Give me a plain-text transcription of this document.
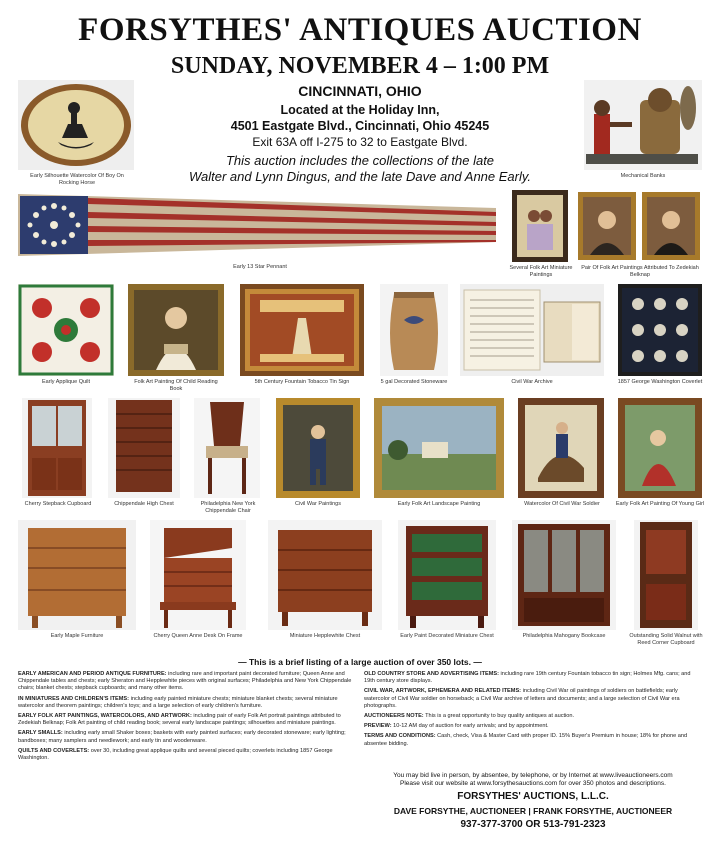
FORSYTHES' ANTIQUES AUCTION
SUNDAY, NOVEMBER 4 – 1:00 PM
CINCINNATI, OHIO
Located at the Holiday Inn,
4501 Eastgate Blvd., Cincinnati, Ohio 45245
Exit 63A off I-275 to 32 to Eastgate Blvd.
This auction includes the collections of the late
Walter and Lynn Dingus, and the late Dave and Anne Early.
Early Silhouette Watercolor Of Boy On Rocking Horse
Mechanical Banks
Early 13 Star Pennant	Several Folk Art Miniature Paintings
Pair Of Folk Art Paintings Attributed To Zedekiah Belknap
Early Applique Quilt	Folk Art Painting Of Child Reading Book
5th Century Fountain Tobacco Tin Sign	5 gal Decorated Stoneware	Civil War Archive	1857 George Washington Coverlet
Cherry Stepback Cupboard	Chippendale High Chest	Philadelphia New York Chippendale Chair
Civil War Paintings	Early Folk Art Landscape Painting	Watercolor Of Civil War Soldier	Early Folk Art Painting Of Young Girl
Early Maple Furniture	Cherry Queen Anne Desk On Frame	Miniature Hepplewhite Chest	Early Paint Decorated Miniature Chest	Philadelphia Mahogany Bookcase	Outstanding Solid Walnut with Reed Corner Cupboard
— This is a brief listing of a large auction of over 350 lots. —

EARLY AMERICAN AND PERIOD ANTIQUE FURNITURE: including rare and important paint decorated furniture; Queen Anne and Chippendale tables and chests; early Sheraton and Hepplewhite pieces with original surfaces; Philadelphia and New York Chippendale chairs; blanket chests; stepback cupboards; and many other items.

IN MINIATURES AND CHILDREN'S ITEMS: including early painted miniature chests; miniature blanket chests; several miniature watercolor and theorem paintings; children's toys; and a large selection of early children's furniture.

EARLY FOLK ART PAINTINGS, WATERCOLORS, AND ARTWORK: including pair of early Folk Art portrait paintings attributed to Zedekiah Belknap; Folk Art painting of child reading book; several early landscape paintings; silhouettes and miniature paintings.

EARLY SMALLS: including early small Shaker boxes; baskets with early painted surfaces; early decorated stoneware; early lighting; bandboxes; many samplers and needlework; and early tin and woodenware.

QUILTS AND COVERLETS: over 30, including great applique quilts and several pieced quilts; coverlets including 1857 George Washington.

OLD COUNTRY STORE AND ADVERTISING ITEMS: including rare 19th century Fountain tobacco tin sign; Holmes Mfg. cans; and 19th century store displays.

CIVIL WAR, ARTWORK, EPHEMERA AND RELATED ITEMS: including Civil War oil paintings of soldiers on battlefields; early watercolor of Civil War soldier on horseback; a Civil War archive of letters and documents; and a large selection of Civil War era photographs.

AUCTIONEERS NOTE: This is a great opportunity to buy quality antiques at auction.

PREVIEW: 10-12 AM day of auction for early arrivals; and by appointment.

TERMS AND CONDITIONS: Cash, check, Visa & Master Card with proper ID. 15% Buyer's Premium in house; 18% for phone and absentee bidding.

You may bid live in person, by absentee, by telephone, or by Internet at www.liveauctioneers.com
Please visit our website at www.forsythesauctions.com for over 350 photos and descriptions.
FORSYTHES' AUCTIONS, L.L.C.
DAVE FORSYTHE, AUCTIONEER | FRANK FORSYTHE, AUCTIONEER
937-377-3700 OR 513-791-2323
